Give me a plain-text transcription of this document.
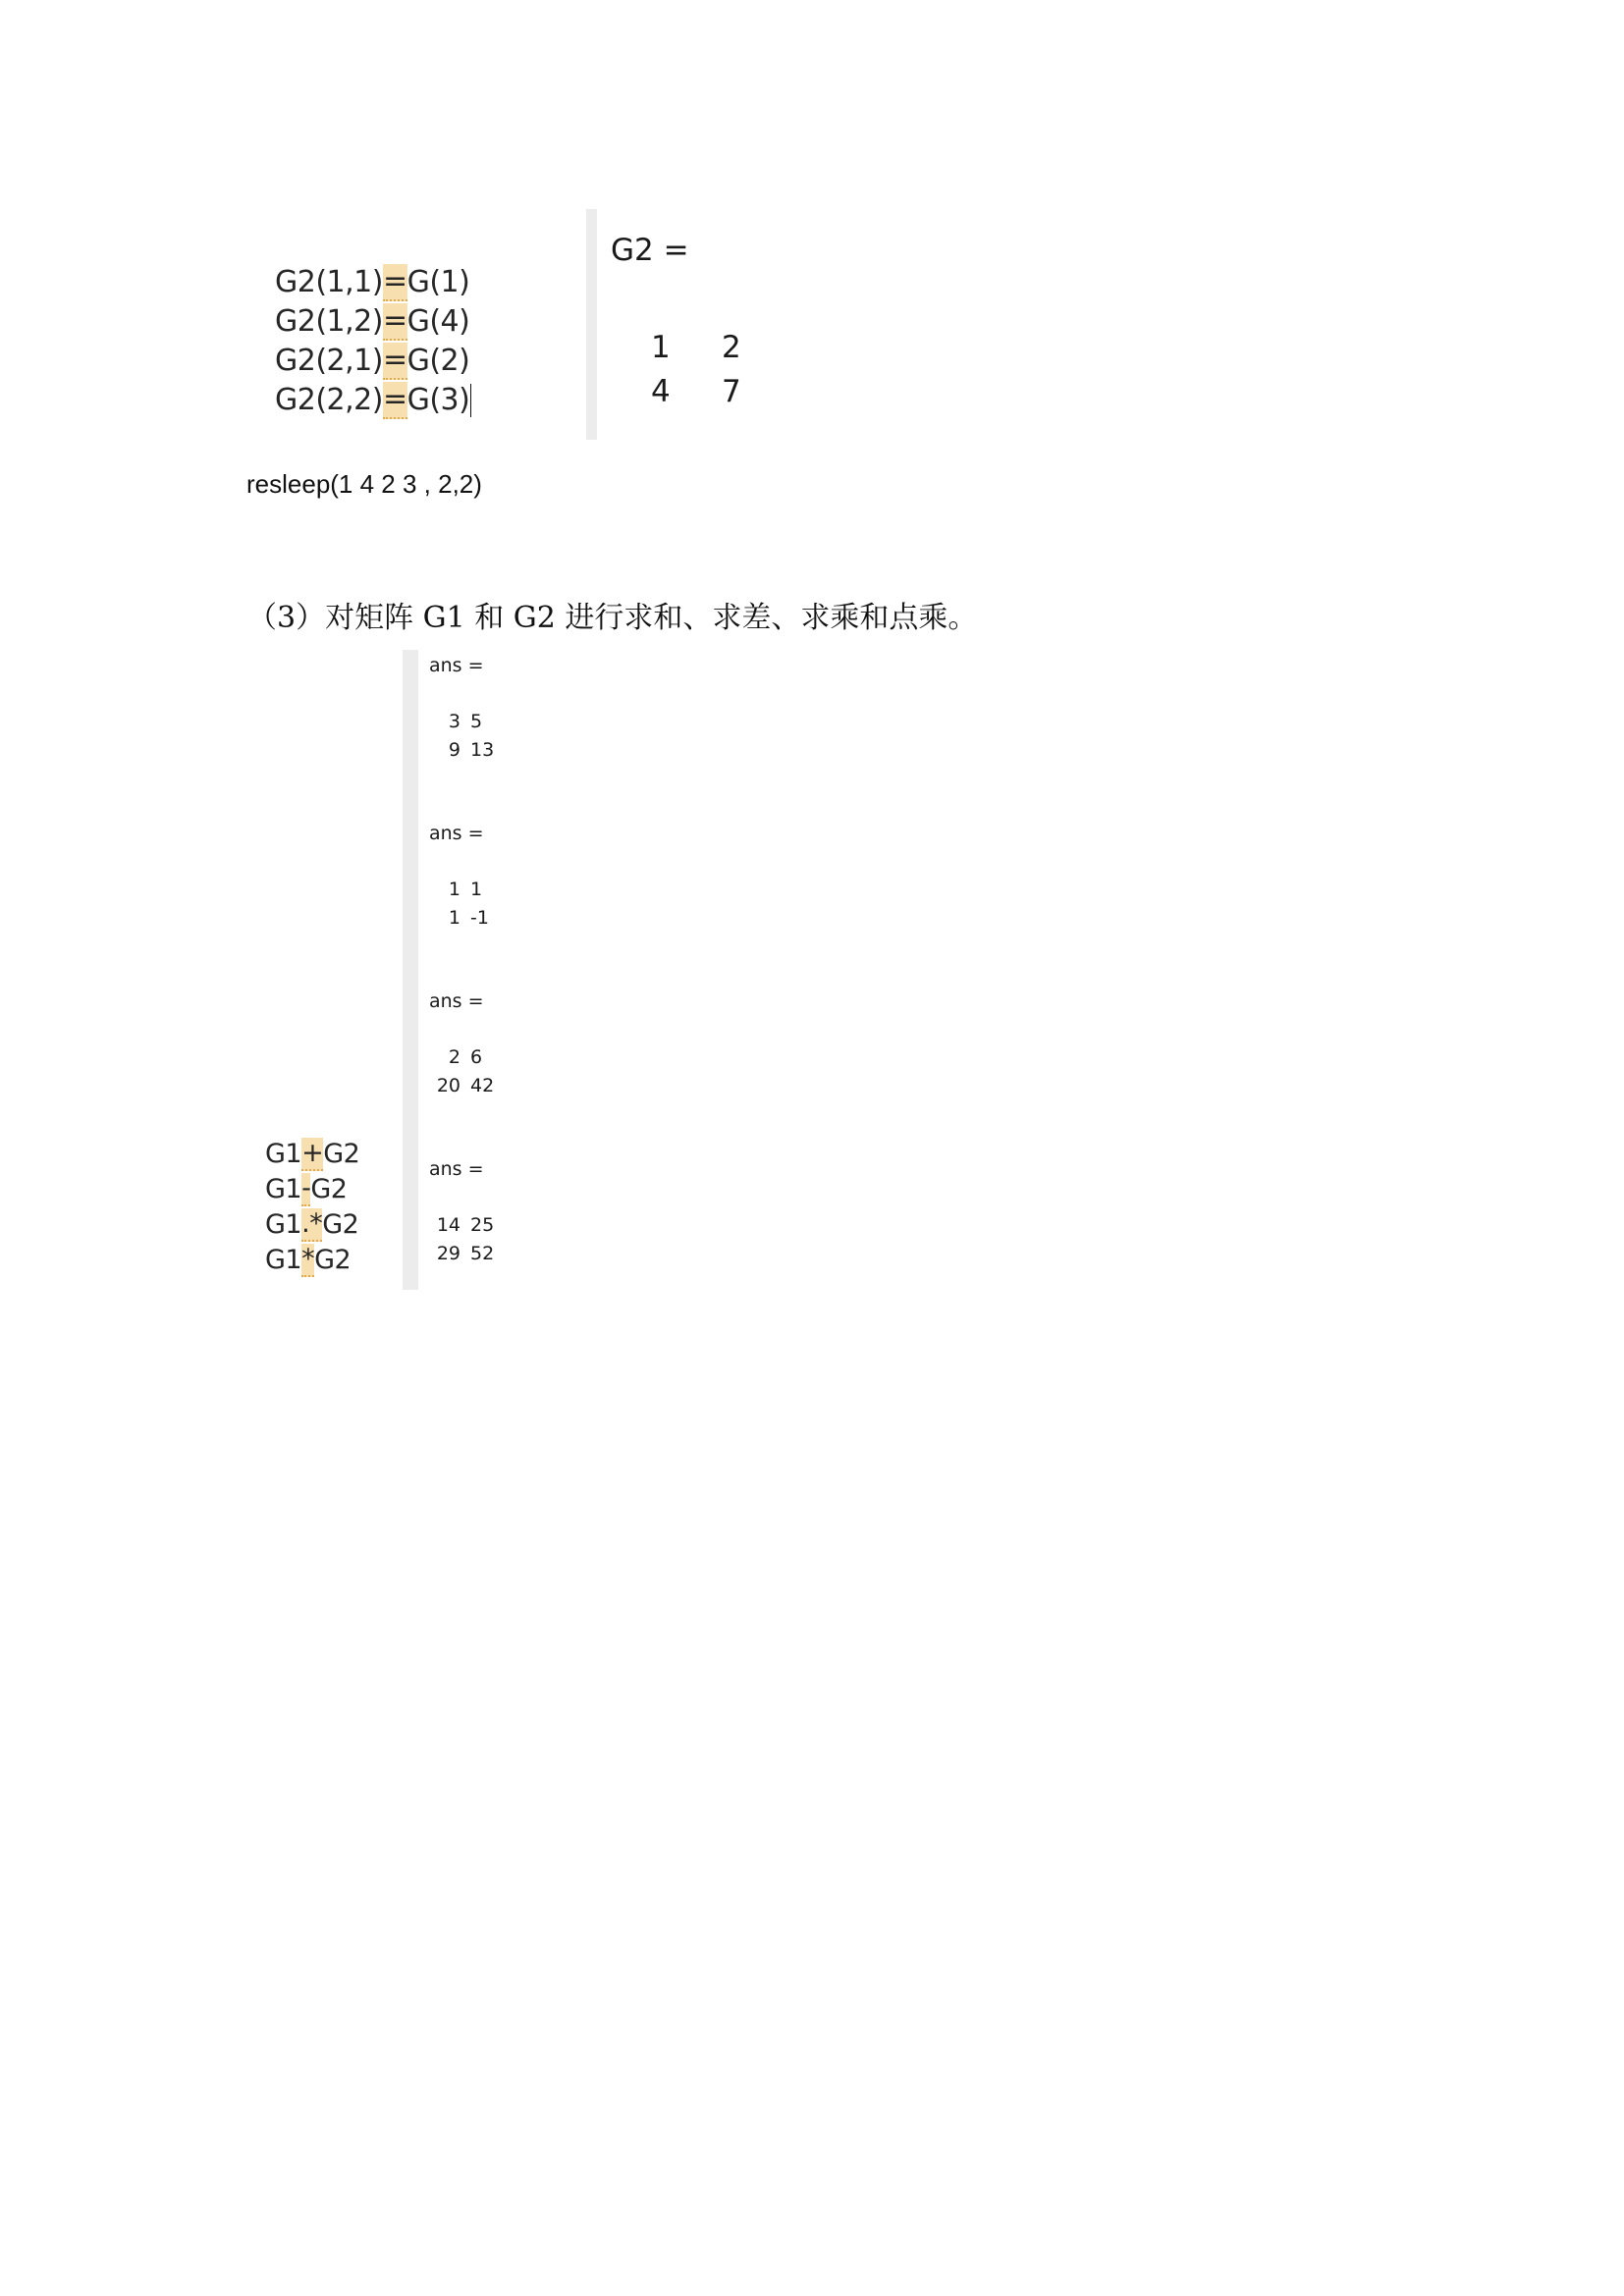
G2(1,1) = G(1)
G2(1,2) = G(4)
G2(2,1) = G(2)
G2(2,2) = G(3)
G2 =
1	2
4	7
resleep(1 4 2 3 , 2,2)
（3）对矩阵 G1 和 G2 进行求和、求差、求乘和点乘。
ans =
3 5
9 13
ans =
1 1
1 -1
ans =
2 6
20 42
ans =
14 25
29 52
G1 + G2
G1 - G2
G1 .* G2
G1 * G2
